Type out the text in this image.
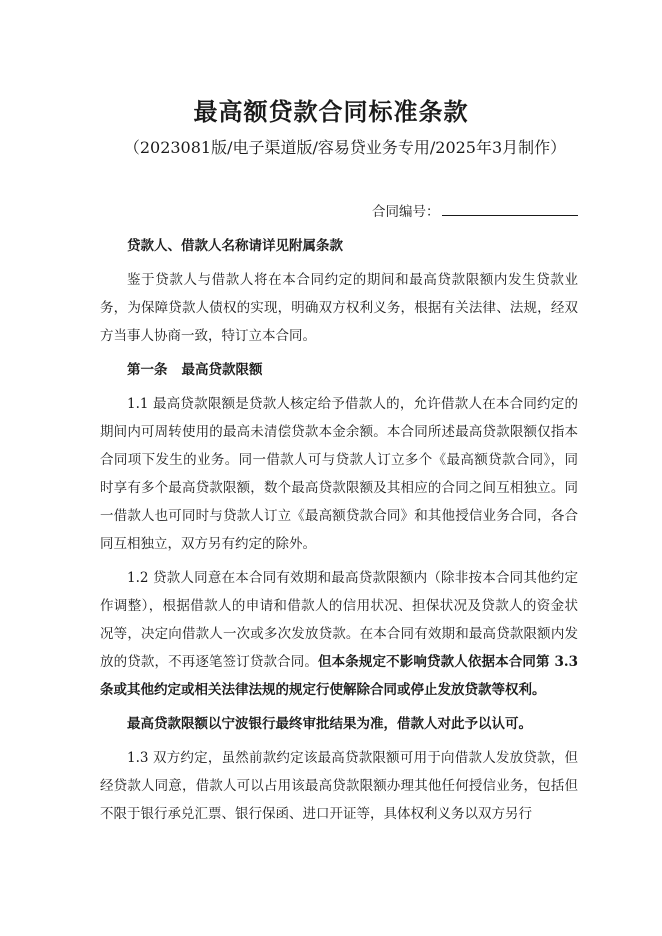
最高额贷款合同标准条款
（2023081版/电子渠道版/容易贷业务专用/2025年3月制作）
合同编号：

贷款人、借款人名称请详见附属条款

鉴于贷款人与借款人将在本合同约定的期间和最高贷款限额内发生贷款业务，为保障贷款人债权的实现，明确双方权利义务，根据有关法律、法规，经双方当事人协商一致，特订立本合同。

第一条 最高贷款限额

1.1 最高贷款限额是贷款人核定给予借款人的，允许借款人在本合同约定的期间内可周转使用的最高未清偿贷款本金余额。本合同所述最高贷款限额仅指本合同项下发生的业务。同一借款人可与贷款人订立多个《最高额贷款合同》，同时享有多个最高贷款限额，数个最高贷款限额及其相应的合同之间互相独立。同一借款人也可同时与贷款人订立《最高额贷款合同》和其他授信业务合同，各合同互相独立，双方另有约定的除外。

1.2 贷款人同意在本合同有效期和最高贷款限额内（除非按本合同其他约定作调整），根据借款人的申请和借款人的信用状况、担保状况及贷款人的资金状况等，决定向借款人一次或多次发放贷款。在本合同有效期和最高贷款限额内发放的贷款，不再逐笔签订贷款合同。但本条规定不影响贷款人依据本合同第 3.3 条或其他约定或相关法律法规的规定行使解除合同或停止发放贷款等权利。

最高贷款限额以宁波银行最终审批结果为准，借款人对此予以认可。

1.3 双方约定，虽然前款约定该最高贷款限额可用于向借款人发放贷款，但经贷款人同意，借款人可以占用该最高贷款限额办理其他任何授信业务，包括但不限于银行承兑汇票、银行保函、进口开证等，具体权利义务以双方另行
